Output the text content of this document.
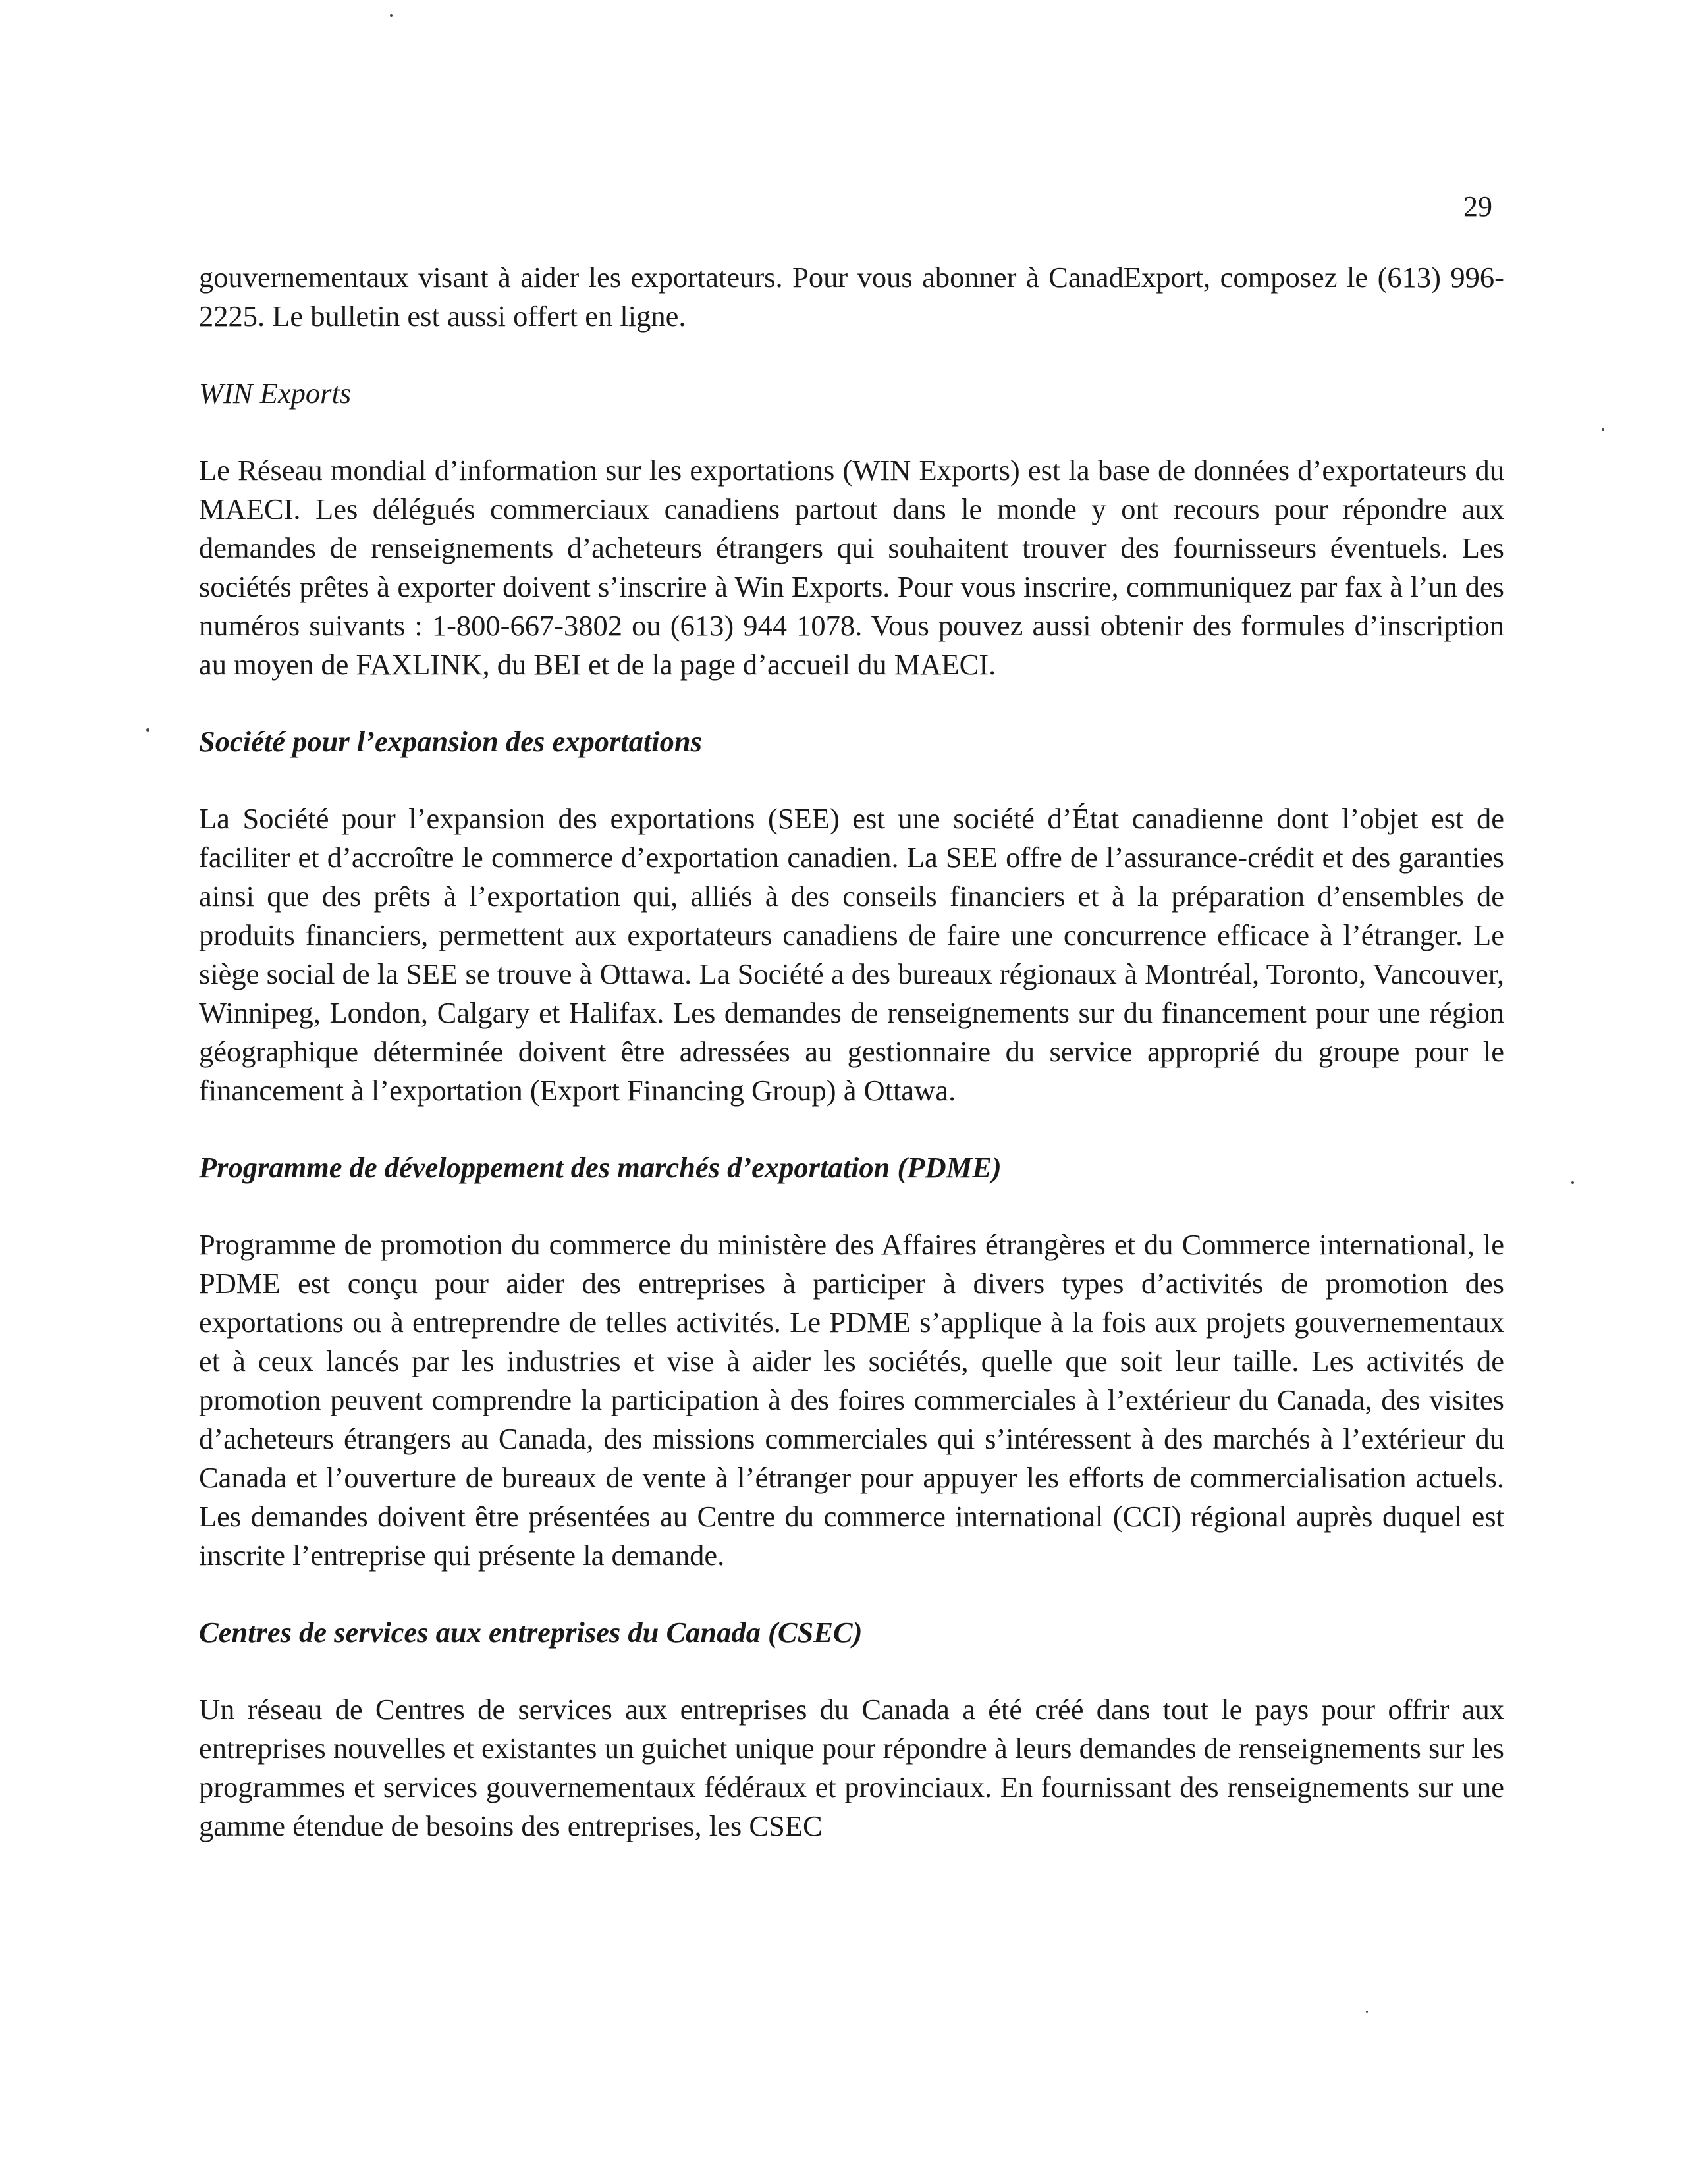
29

gouvernementaux visant à aider les exportateurs. Pour vous abonner à CanadExport, composez le (613) 996-2225. Le bulletin est aussi offert en ligne.

WIN Exports

Le Réseau mondial d’information sur les exportations (WIN Exports) est la base de données d’exportateurs du MAECI. Les délégués commerciaux canadiens partout dans le monde y ont recours pour répondre aux demandes de renseignements d’acheteurs étrangers qui souhaitent trouver des fournisseurs éventuels. Les sociétés prêtes à exporter doivent s’inscrire à Win Exports. Pour vous inscrire, communiquez par fax à l’un des numéros suivants : 1-800-667-3802 ou (613) 944 1078. Vous pouvez aussi obtenir des formules d’inscription au moyen de FAXLINK, du BEI et de la page d’accueil du MAECI.

Société pour l’expansion des exportations

La Société pour l’expansion des exportations (SEE) est une société d’État canadienne dont l’objet est de faciliter et d’accroître le commerce d’exportation canadien. La SEE offre de l’assurance-crédit et des garanties ainsi que des prêts à l’exportation qui, alliés à des conseils financiers et à la préparation d’ensembles de produits financiers, permettent aux exportateurs canadiens de faire une concurrence efficace à l’étranger. Le siège social de la SEE se trouve à Ottawa. La Société a des bureaux régionaux à Montréal, Toronto, Vancouver, Winnipeg, London, Calgary et Halifax. Les demandes de renseignements sur du financement pour une région géographique déterminée doivent être adressées au gestionnaire du service approprié du groupe pour le financement à l’exportation (Export Financing Group) à Ottawa.

Programme de développement des marchés d’exportation (PDME)

Programme de promotion du commerce du ministère des Affaires étrangères et du Commerce international, le PDME est conçu pour aider des entreprises à participer à divers types d’activités de promotion des exportations ou à entreprendre de telles activités. Le PDME s’applique à la fois aux projets gouvernementaux et à ceux lancés par les industries et vise à aider les sociétés, quelle que soit leur taille. Les activités de promotion peuvent comprendre la participation à des foires commerciales à l’extérieur du Canada, des visites d’acheteurs étrangers au Canada, des missions commerciales qui s’intéressent à des marchés à l’extérieur du Canada et l’ouverture de bureaux de vente à l’étranger pour appuyer les efforts de commercialisation actuels. Les demandes doivent être présentées au Centre du commerce international (CCI) régional auprès duquel est inscrite l’entreprise qui présente la demande.

Centres de services aux entreprises du Canada (CSEC)

Un réseau de Centres de services aux entreprises du Canada a été créé dans tout le pays pour offrir aux entreprises nouvelles et existantes un guichet unique pour répondre à leurs demandes de renseignements sur les programmes et services gouvernementaux fédéraux et provinciaux. En fournissant des renseignements sur une gamme étendue de besoins des entreprises, les CSEC
